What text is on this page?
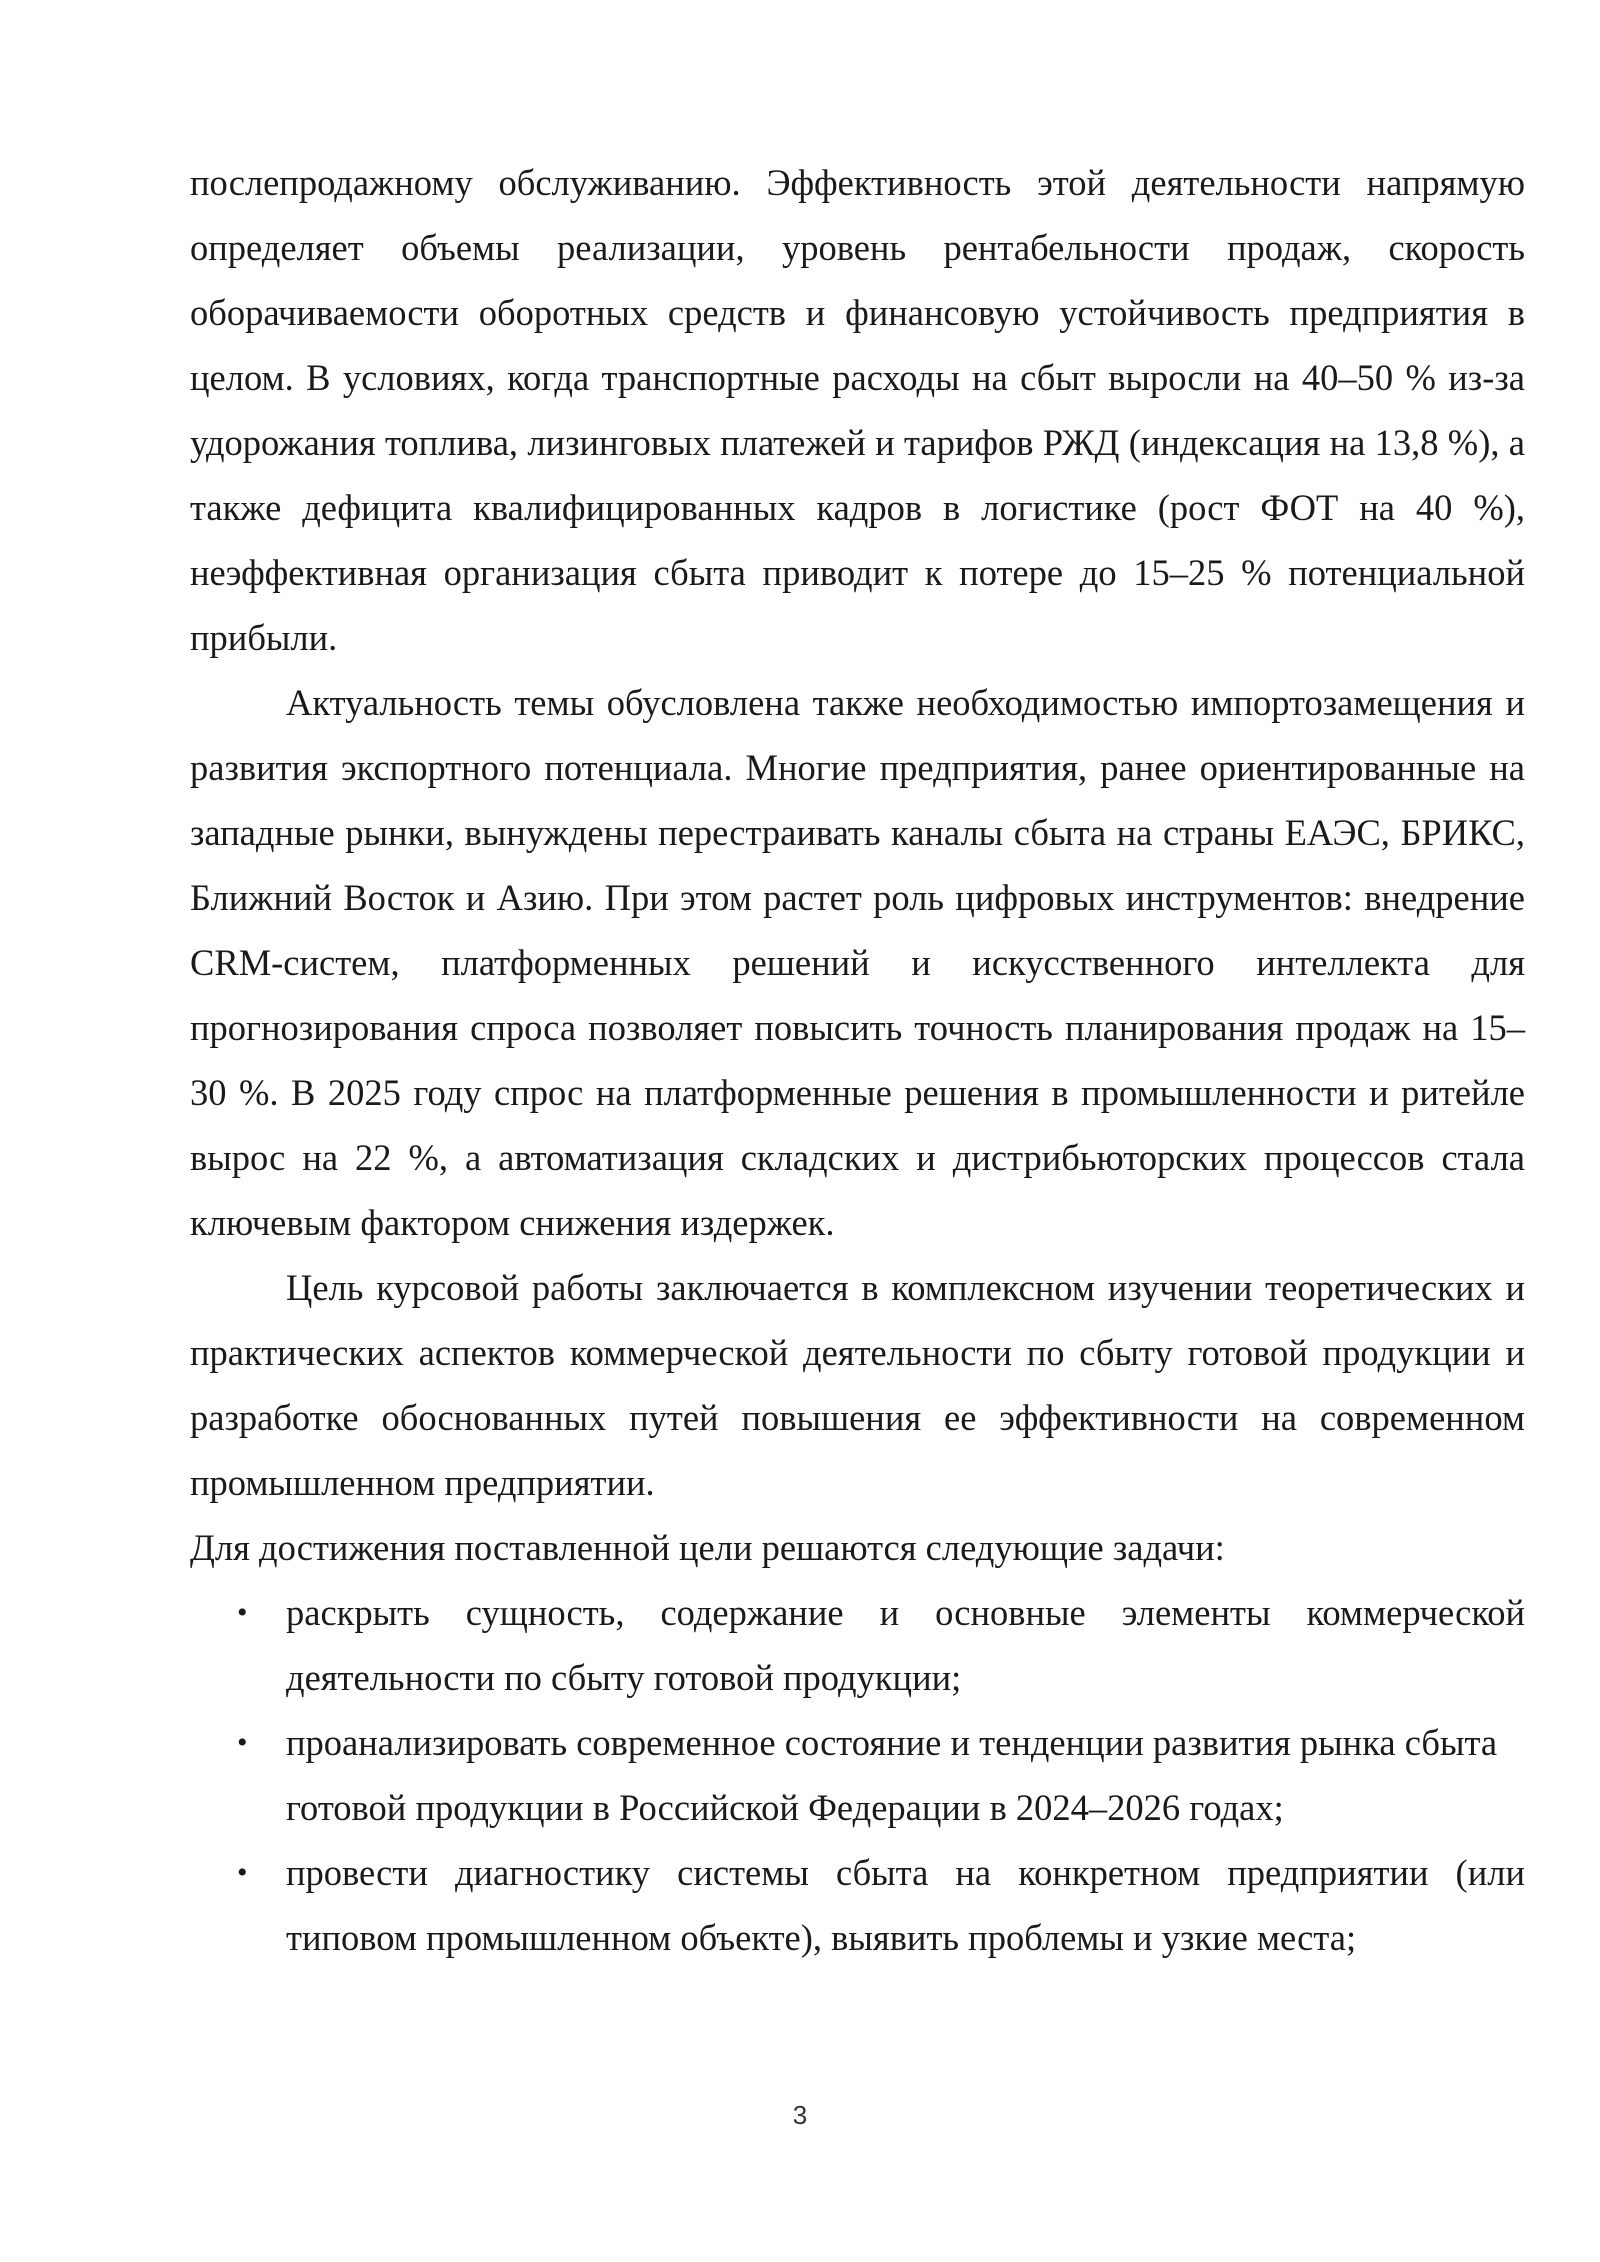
послепродажному обслуживанию. Эффективность этой деятельности напрямую определяет объемы реализации, уровень рентабельности продаж, скорость оборачиваемости оборотных средств и финансовую устойчивость предприятия в целом. В условиях, когда транспортные расходы на сбыт выросли на 40–50 % из-за удорожания топлива, лизинговых платежей и тарифов РЖД (индексация на 13,8 %), а также дефицита квалифицированных кадров в логистике (рост ФОТ на 40 %), неэффективная организация сбыта приводит к потере до 15–25 % потенциальной прибыли.

Актуальность темы обусловлена также необходимостью импортозамещения и развития экспортного потенциала. Многие предприятия, ранее ориентированные на западные рынки, вынуждены перестраивать каналы сбыта на страны ЕАЭС, БРИКС, Ближний Восток и Азию. При этом растет роль цифровых инструментов: внедрение CRM-систем, платформенных решений и искусственного интеллекта для прогнозирования спроса позволяет повысить точность планирования продаж на 15–30 %. В 2025 году спрос на платформенные решения в промышленности и ритейле вырос на 22 %, а автоматизация складских и дистрибьюторских процессов стала ключевым фактором снижения издержек.

Цель курсовой работы заключается в комплексном изучении теоретических и практических аспектов коммерческой деятельности по сбыту готовой продукции и разработке обоснованных путей повышения ее эффективности на современном промышленном предприятии.

Для достижения поставленной цели решаются следующие задачи:

• раскрыть сущность, содержание и основные элементы коммерческой деятельности по сбыту готовой продукции;
• проанализировать современное состояние и тенденции развития рынка сбыта готовой продукции в Российской Федерации в 2024–2026 годах;
• провести диагностику системы сбыта на конкретном предприятии (или типовом промышленном объекте), выявить проблемы и узкие места;
3
